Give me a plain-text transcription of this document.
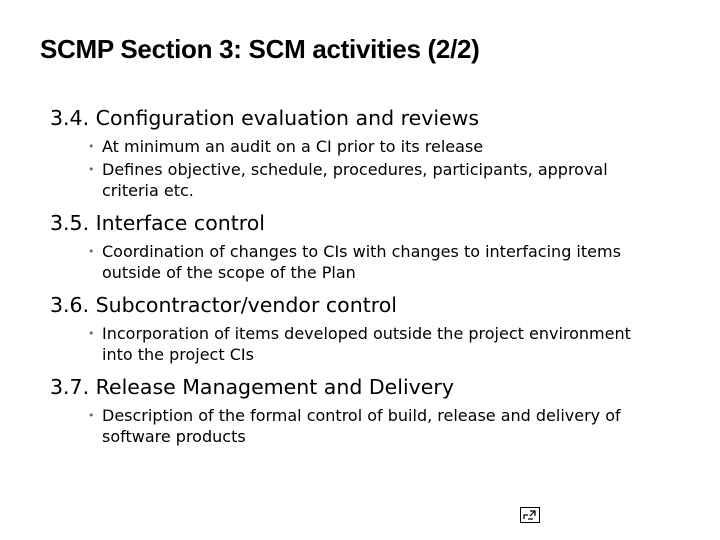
SCMP Section 3: SCM activities (2/2)

3.4. Configuration evaluation and reviews

• At minimum an audit on a CI prior to its release
• Defines objective, schedule, procedures, participants, approval criteria etc.

3.5. Interface control

• Coordination of changes to CIs with changes to interfacing items outside of the scope of the Plan

3.6. Subcontractor/vendor control

• Incorporation of items developed outside the project environment into the project CIs

3.7. Release Management and Delivery

• Description of the formal control of build, release and delivery of software products
